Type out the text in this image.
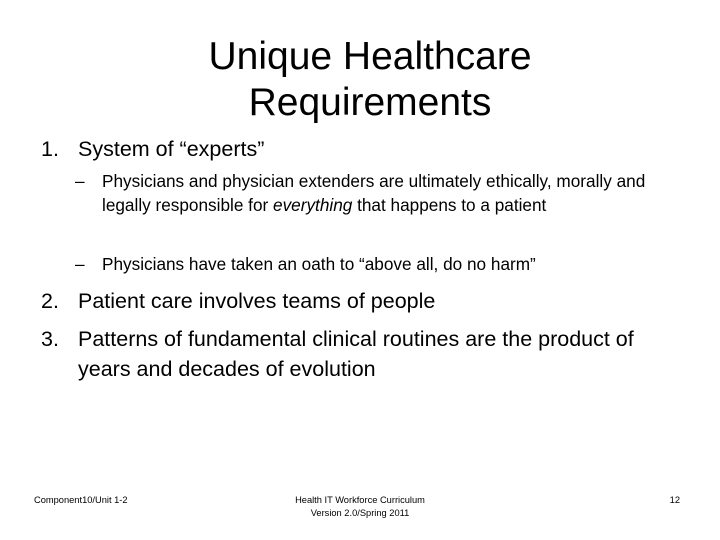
Unique Healthcare
Requirements
1. System of “experts”
– Physicians and physician extenders are ultimately ethically, morally and legally responsible for everything that happens to a patient
– Physicians have taken an oath to “above all, do no harm”
2. Patient care involves teams of people
3. Patterns of fundamental clinical routines are the product of years and decades of evolution
Component10/Unit 1-2	Health IT Workforce Curriculum
Version 2.0/Spring 2011
12
